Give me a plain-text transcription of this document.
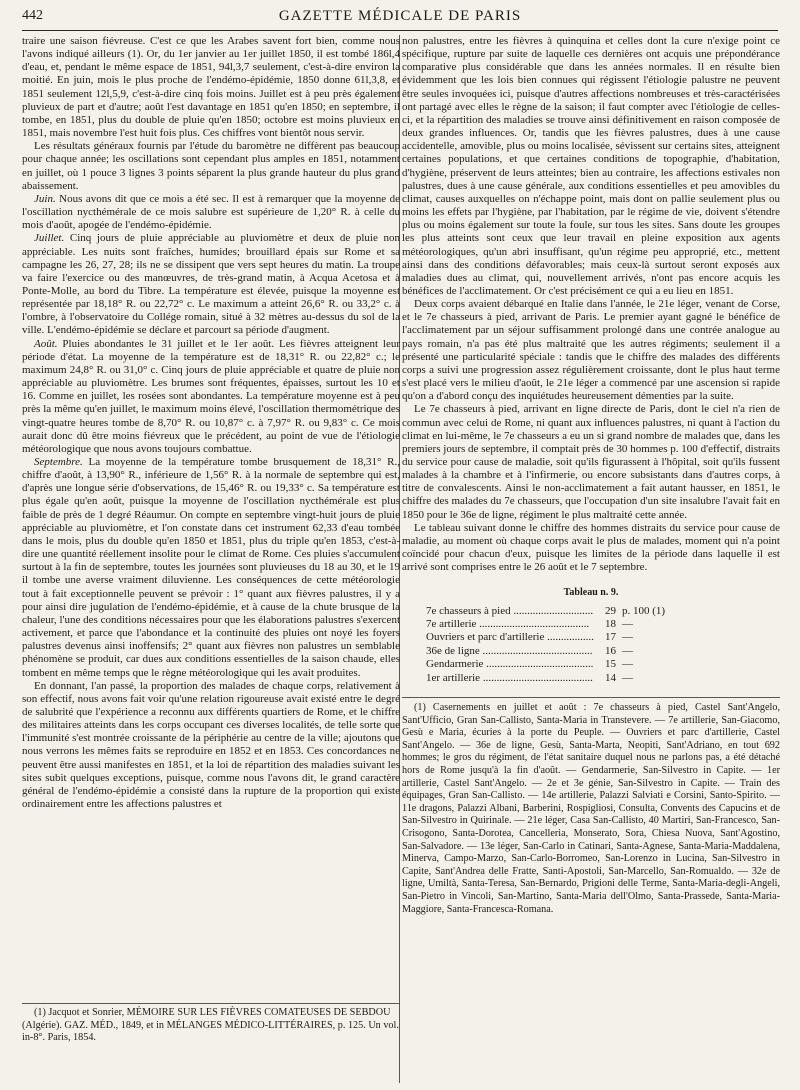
442	GAZETTE MÉDICALE DE PARIS

traire une saison fiévreuse. C'est ce que les Arabes savent fort bien, comme nous l'avons indiqué ailleurs (1). Or, du 1er janvier au 1er juillet 1850, il est tombé 186l,4 d'eau, et, pendant le même espace de 1851, 94l,3,7 seulement, c'est-à-dire environ la moitié. En juin, mois le plus proche de l'endémo-épidémie, 1850 donne 61l,3,8, et 1851 seulement 12l,5,9, c'est-à-dire cinq fois moins. Juillet est à peu près également pluvieux de part et d'autre; août l'est davantage en 1851 qu'en 1850; en septembre, il tombe, en 1851, plus du double de pluie qu'en 1850; octobre est moins pluvieux en 1851, mais novembre l'est huit fois plus. Ces chiffres vont bientôt nous servir.

Les résultats généraux fournis par l'étude du baromètre ne diffèrent pas beaucoup pour chaque année; les oscillations sont cependant plus amples en 1851, notamment en juillet, où 1 pouce 3 lignes 3 points séparent la plus grande hauteur du plus grand abaissement.

Juin. Nous avons dit que ce mois a été sec. Il est à remarquer que la moyenne de l'oscillation nycthémérale de ce mois salubre est supérieure de 1,20° R. à celle du mois d'août, apogée de l'endémo-épidémie.

Juillet. Cinq jours de pluie appréciable au pluviomètre et deux de pluie non appréciable. Les nuits sont fraîches, humides; brouillard épais sur Rome et sa campagne les 26, 27, 28; ils ne se dissipent que vers sept heures du matin. La troupe va faire l'exercice ou des manœuvres, de très-grand matin, à Acqua Acetosa et à Ponte-Molle, au bord du Tibre. La température est élevée, puisque la moyenne est représentée par 18,18° R. ou 22,72° c. Le maximum a atteint 26,6° R. ou 33,2° c. à l'ombre, à l'observatoire du Collége romain, situé à 32 mètres au-dessus du sol de la ville. L'endémo-épidémie se déclare et parcourt sa période d'augment.

Août. Pluies abondantes le 31 juillet et le 1er août. Les fièvres atteignent leur période d'état. La moyenne de la température est de 18,31° R. ou 22,82° c.; le maximum 24,8° R. ou 31,0° c. Cinq jours de pluie appréciable et quatre de pluie non appréciable au pluviomètre. Les brumes sont fréquentes, épaisses, surtout les 10 et 16. Comme en juillet, les rosées sont abondantes. La température moyenne est à peu près la même qu'en juillet, le maximum moins élevé, l'oscillation thermométrique des vingt-quatre heures tombe de 8,70° R. ou 10,87° c. à 7,97° R. ou 9,83° c. Ce mois aurait donc dû être moins fiévreux que le précédent, au point de vue de l'étiologie météorologique que nous avons toujours combattue.

Septembre. La moyenne de la température tombe brusquement de 18,31° R., chiffre d'août, à 13,90° R., inférieure de 1,56° R. à la normale de septembre qui est, d'après une longue série d'observations, de 15,46° R. ou 19,33° c. Sa température est plus égale qu'en août, puisque la moyenne de l'oscillation nycthémérale est plus faible de près de 1 degré Réaumur. On compte en septembre vingt-huit jours de pluie appréciable au pluviomètre, et l'on constate dans cet instrument 62,33 d'eau tombée dans le mois, plus du double qu'en 1850 et 1851, plus du triple qu'en 1853, c'est-à-dire une quantité réellement insolite pour le climat de Rome. Ces pluies s'accumulent surtout à la fin de septembre, toutes les journées sont pluvieuses du 18 au 30, et le 19 il tombe une averse vraiment diluvienne. Les conséquences de cette météorologie tout à fait exceptionnelle peuvent se prévoir : 1° quant aux fièvres palustres, il y a pour ainsi dire jugulation de l'endémo-épidémie, et à cause de la chute brusque de la chaleur, l'une des conditions nécessaires pour que les élaborations palustres s'exercent activement, et parce que l'abondance et la continuité des pluies ont noyé les foyers palustres devenus ainsi inoffensifs; 2° quant aux fièvres non palustres un semblable phénomène se produit, car dues aux conditions essentielles de la saison chaude, elles tombent en même temps que le règne météorologique qui les avait produites.

En donnant, l'an passé, la proportion des malades de chaque corps, relativement à son effectif, nous avons fait voir qu'une relation rigoureuse avait existé entre le degré de salubrité que l'expérience a reconnu aux différents quartiers de Rome, et le chiffre des militaires atteints dans les corps occupant ces diverses localités, de telle sorte que l'immunité s'est montrée croissante de la périphérie au centre de la ville; ajoutons que nous verrons les mêmes faits se reproduire en 1852 et en 1853. Ces concordances ne peuvent être aussi manifestes en 1851, et la loi de répartition des maladies suivant les sites subit quelques exceptions, puisque, comme nous l'avons dit, le grand caractère général de l'endémo-épidémie a consisté dans la rupture de la proportion qui existe ordinairement entre les affections palustres et

(1) Jacquot et Sonrier, MÉMOIRE SUR LES FIÈVRES COMATEUSES DE SEBDOU (Algérie). GAZ. MÉD., 1849, et in MÉLANGES MÉDICO-LITTÉRAIRES, p. 125. Un vol. in-8°. Paris, 1854.

non palustres, entre les fièvres à quinquina et celles dont la cure n'exige point ce spécifique, rupture par suite de laquelle ces dernières ont acquis une prépondérance comparative plus considérable que dans les années normales. Il en résulte bien évidemment que les lois bien connues qui régissent l'étiologie palustre ne peuvent être seules invoquées ici, puisque d'autres affections nombreuses et très-caractérisées ont partagé avec elles le règne de la saison; il faut compter avec l'étiologie de celles-ci, et la répartition des maladies se trouve ainsi définitivement en raison composée de deux grandes influences. Or, tandis que les fièvres palustres, dues à une cause accidentelle, amovible, plus ou moins localisée, sévissent sur certains sites, atteignent certaines populations, et que certaines conditions de topographie, d'habitation, d'hygiène, préservent de leurs atteintes; bien au contraire, les affections estivales non palustres, dues à une cause générale, aux conditions essentielles et peu amovibles du climat, causes auxquelles on n'échappe point, mais dont on pallie seulement plus ou moins les effets par l'hygiène, par l'habitation, par le régime de vie, doivent s'étendre plus ou moins également sur toute la foule, sur tous les sites. Sans doute les groupes les plus atteints sont ceux que leur travail en pleine exposition aux agents météorologiques, qu'un abri insuffisant, qu'un régime peu approprié, etc., mettent ainsi dans des conditions défavorables; mais ceux-là surtout seront exposés aux maladies dues au climat, qui, nouvellement arrivés, n'ont pas encore acquis les bénéfices de l'acclimatement. Or c'est précisément ce qui a eu lieu en 1851.

Deux corps avaient débarqué en Italie dans l'année, le 21e léger, venant de Corse, et le 7e chasseurs à pied, arrivant de Paris. Le premier ayant gagné le bénéfice de l'acclimatement par un séjour suffisamment prolongé dans une contrée analogue au pays romain, n'a pas été plus maltraité que les autres régiments; seulement il a présenté une particularité spéciale : tandis que le chiffre des malades des différents corps a suivi une progression assez régulièrement croissante, dont le plus haut terme s'est placé vers le milieu d'août, le 21e léger a commencé par une ascension si rapide qu'on a d'abord conçu des inquiétudes heureusement démenties par la suite.

Le 7e chasseurs à pied, arrivant en ligne directe de Paris, dont le ciel n'a rien de commun avec celui de Rome, ni quant aux influences palustres, ni quant à l'action du climat en lui-même, le 7e chasseurs a eu un si grand nombre de malades que, dans les premiers jours de septembre, il comptait près de 30 hommes p. 100 d'effectif, distraits du service pour cause de maladie, soit qu'ils figurassent à l'hôpital, soit qu'ils fussent malades à la chambre et à l'infirmerie, ou encore subsistants dans d'autres corps, à titre de convalescents. Ainsi le non-acclimatement a fait autant hausser, en 1851, le chiffre des malades du 7e chasseurs, que l'occupation d'un site insalubre l'avait fait en 1850 pour le 36e de ligne, régiment le plus maltraité cette année.

Le tableau suivant donne le chiffre des hommes distraits du service pour cause de maladie, au moment où chaque corps avait le plus de malades, moment qui n'a point coïncidé pour chacun d'eux, puisque les limites de la période dans laquelle il est arrivé sont comprises entre le 26 août et le 7 septembre.

Tableau n. 9.
7e chasseurs à pied .....	29 p. 100 (1)
7e artillerie .....	18 —
Ouvriers et parc d'artillerie .....	17 —
36e de ligne .....	16 —
Gendarmerie .....	15 —
1er artillerie .....	14 —

(1) Casernements en juillet et août : 7e chasseurs à pied, Castel Sant'Angelo, Sant'Ufficio, Gran San-Callisto, Santa-Maria in Transtevere. — 7e artillerie, San-Giacomo, Gesù e Maria, écuries à la porte du Peuple. — Ouvriers et parc d'artillerie, Castel Sant'Angelo. — 36e de ligne, Gesù, Santa-Marta, Neopiti, Sant'Adriano, en tout 692 hommes; le gros du régiment, de l'état sanitaire duquel nous ne parlons pas, a été détaché hors de Rome jusqu'à la fin d'août. — Gendarmerie, San-Silvestro in Capite. — 1er artillerie, Castel Sant'Angelo. — 2e et 3e génie, San-Silvestro in Capite. — Train des équipages, Gran San-Callisto. — 14e artillerie, Palazzi Salviati e Corsini, Santo-Spirito. — 11e dragons, Palazzi Albani, Barberini, Rospigliosi, Consulta, Convents des Capucins et de San-Silvestro in Quirinale. — 21e léger, Casa San-Callisto, 40 Martiri, San-Francesco, San-Crisogono, Santa-Dorotea, Cancelleria, Monserato, Sora, Chiesa Nuova, Sant'Agostino, San-Salvadore. — 13e léger, San-Carlo in Catinari, Santa-Agnese, Santa-Maria-Maddalena, Minerva, Campo-Marzo, San-Carlo-Borromeo, San-Lorenzo in Lucina, San-Silvestro in Capite, Sant'Andrea delle Fratte, Santi-Apostoli, San-Marcello, San-Romualdo. — 32e de ligne, Umiltà, Santa-Teresa, San-Bernardo, Prigioni delle Terme, Santa-Maria-degli-Angeli, San-Pietro in Vincoli, San-Martino, Santa-Maria dell'Olmo, Santa-Prassede, Santa-Maria-Maggiore, Santa-Francesca-Romana.
